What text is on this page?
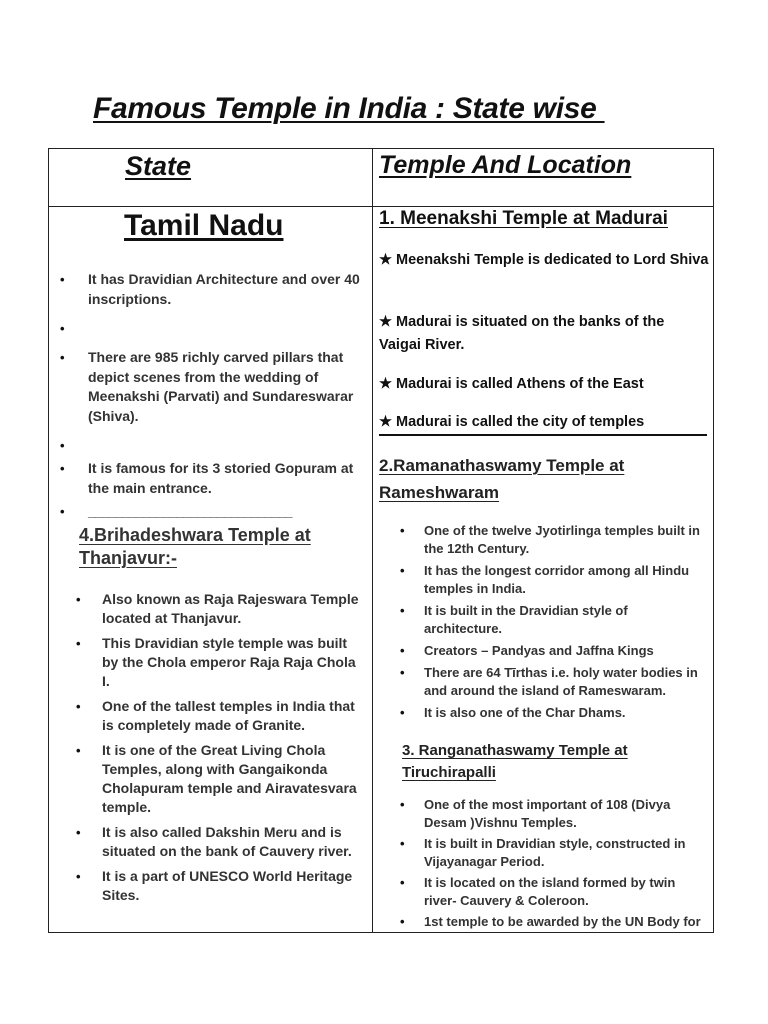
Famous Temple in India : State wise
State	Temple And Location
Tamil Nadu
• It has Dravidian Architecture and over 40 inscriptions.
•
• There are 985 richly carved pillars that depict scenes from the wedding of Meenakshi (Parvati) and Sundareswarar (Shiva).
•
• It is famous for its 3 storied Gopuram at the main entrance.
• ______________________________
4.Brihadeshwara Temple at Thanjavur:-
• Also known as Raja Rajeswara Temple located at Thanjavur.
• This Dravidian style temple was built by the Chola emperor Raja Raja Chola I.
• One of the tallest temples in India that is completely made of Granite.
• It is one of the Great Living Chola Temples, along with Gangaikonda Cholapuram temple and Airavatesvara temple.
• It is also called Dakshin Meru and is situated on the bank of Cauvery river.
• It is a part of UNESCO World Heritage Sites.
1. Meenakshi Temple at Madurai
★ Meenakshi Temple is dedicated to Lord Shiva
★ Madurai is situated on the banks of the Vaigai River.
★ Madurai is called Athens of the East
★ Madurai is called the city of temples
2.Ramanathaswamy Temple at Rameshwaram
• One of the twelve Jyotirlinga temples built in the 12th Century.
• It has the longest corridor among all Hindu temples in India.
• It is built in the Dravidian style of architecture.
• Creators – Pandyas and Jaffna Kings
• There are 64 Tīrthas i.e. holy water bodies in and around the island of Rameswaram.
• It is also one of the Char Dhams.
3. Ranganathaswamy Temple at Tiruchirapalli
• One of the most important of 108 (Divya Desam )Vishnu Temples.
• It is built in Dravidian style, constructed in Vijayanagar Period.
• It is located on the island formed by twin river- Cauvery & Coleroon.
• 1st temple to be awarded by the UN Body for
